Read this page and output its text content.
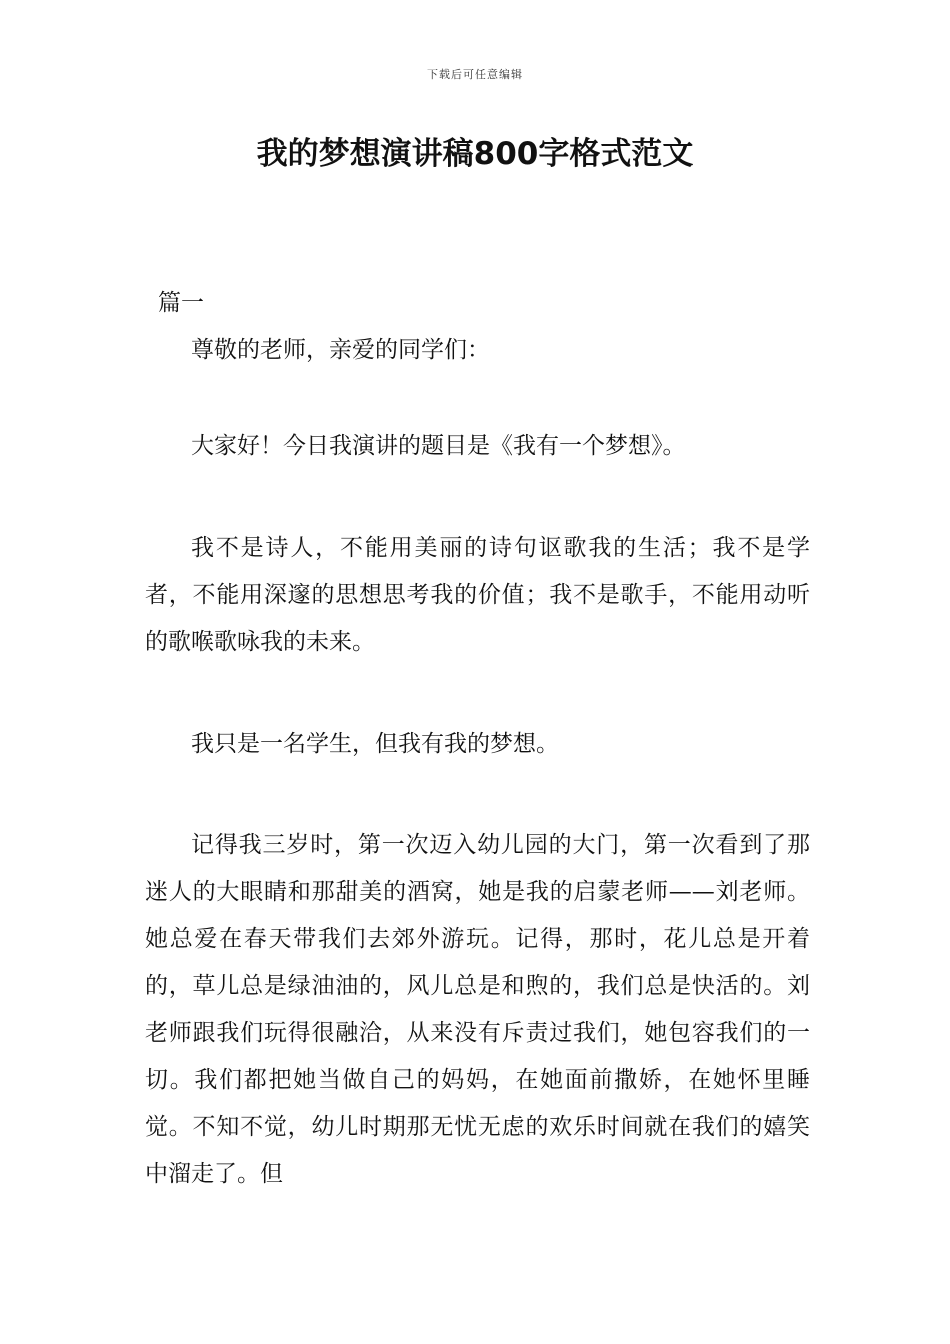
下载后可任意编辑
我的梦想演讲稿800字格式范文
篇一

尊敬的老师，亲爱的同学们：

大家好！今日我演讲的题目是《我有一个梦想》。

我不是诗人，不能用美丽的诗句讴歌我的生活；我不是学者，不能用深邃的思想思考我的价值；我不是歌手，不能用动听的歌喉歌咏我的未来。

我只是一名学生，但我有我的梦想。

记得我三岁时，第一次迈入幼儿园的大门，第一次看到了那迷人的大眼睛和那甜美的酒窝，她是我的启蒙老师——刘老师。她总爱在春天带我们去郊外游玩。记得，那时，花儿总是开着的，草儿总是绿油油的，风儿总是和煦的，我们总是快活的。刘老师跟我们玩得很融洽，从来没有斥责过我们，她包容我们的一切。我们都把她当做自己的妈妈，在她面前撒娇，在她怀里睡觉。不知不觉，幼儿时期那无忧无虑的欢乐时间就在我们的嬉笑中溜走了。但
